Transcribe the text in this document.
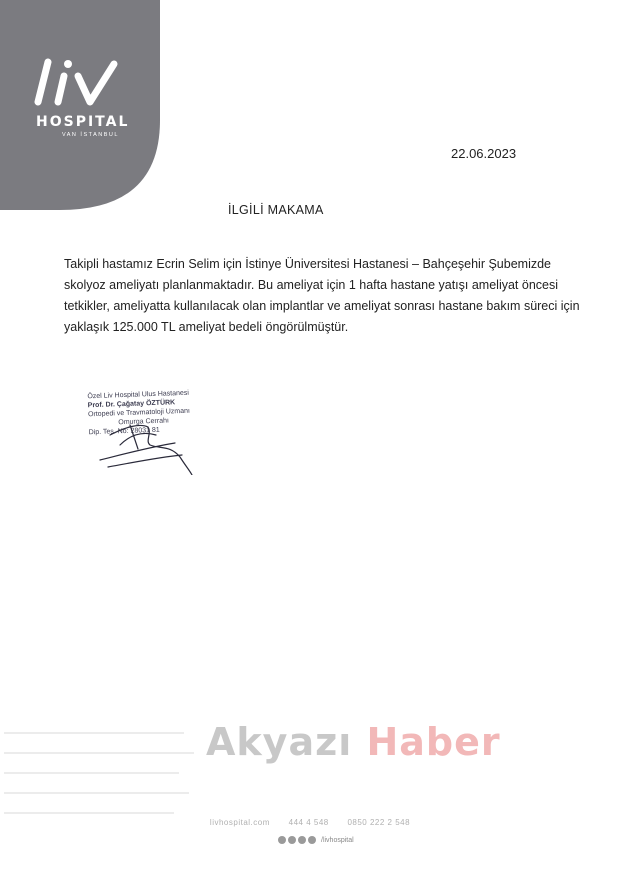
HOSPITAL
VAN İSTANBUL
22.06.2023
İLGİLİ MAKAMA
Takipli hastamız Ecrin Selim için İstinye Üniversitesi Hastanesi – Bahçeşehir Şubemizde skolyoz ameliyatı planlanmaktadır. Bu ameliyat için 1 hafta hastane yatışı ameliyat öncesi tetkikler, ameliyatta kullanılacak olan implantlar ve ameliyat sonrası hastane bakım süreci için yaklaşık 125.000 TL ameliyat bedeli öngörülmüştür.
Özel Liv Hospital Ulus Hastanesi
Prof. Dr. Çağatay ÖZTÜRK
Ortopedi ve Travmatoloji Uzmanı
Omurga Cerrahı
Dip. Tes. No: 28031 81
Akyazı Haber
livhospital.com 444 4 548 0850 222 2 548
/livhospital
